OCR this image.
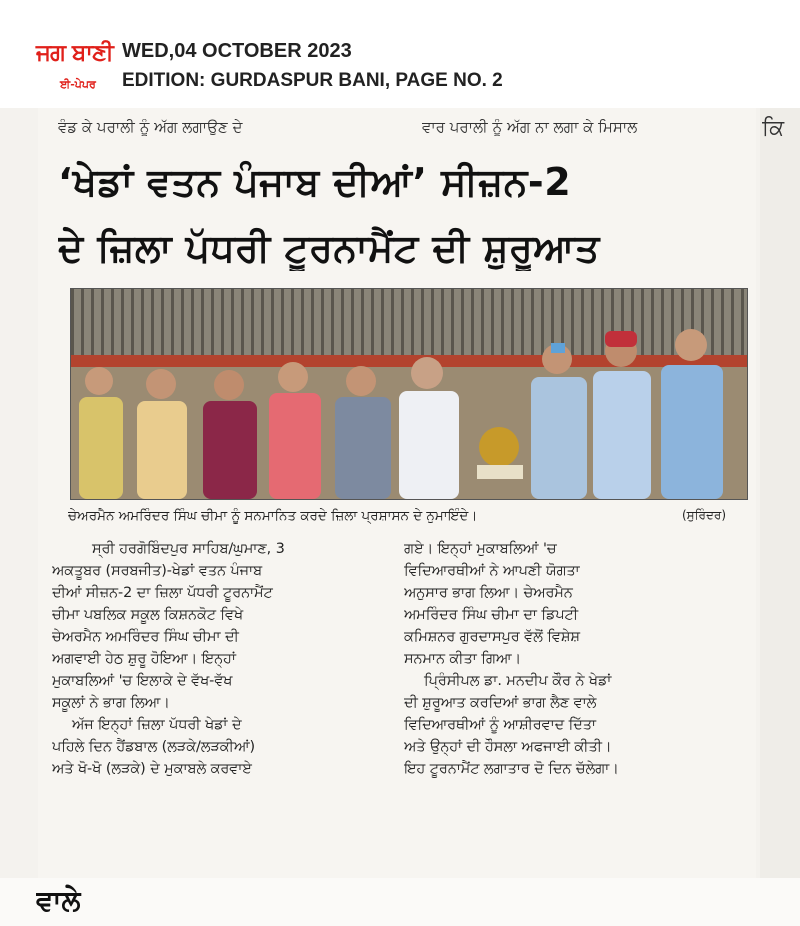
ਜਗ ਬਾਣੀ
ਈ-ਪੇਪਰ
WED,04 OCTOBER 2023
EDITION: GURDASPUR BANI, PAGE NO. 2
ਵੰਡ ਕੇ ਪਰਾਲੀ ਨੂੰ ਅੱਗ ਲਗਾਉਣ ਦੇ	ਵਾਰ ਪਰਾਲੀ ਨੂੰ ਅੱਗ ਨਾ ਲਗਾ ਕੇ ਮਿਸਾਲ
‘ਖੇਡਾਂ ਵਤਨ ਪੰਜਾਬ ਦੀਆਂ’ ਸੀਜ਼ਨ-2
ਦੇ ਜ਼ਿਲਾ ਪੱਧਰੀ ਟੂਰਨਾਮੈਂਟ ਦੀ ਸ਼ੁਰੂਆਤ
ਚੇਅਰਮੈਨ ਅਮਰਿੰਦਰ ਸਿੰਘ ਚੀਮਾ ਨੂੰ ਸਨਮਾਨਿਤ ਕਰਦੇ ਜ਼ਿਲਾ ਪ੍ਰਸ਼ਾਸਨ ਦੇ ਨੁਮਾਇੰਦੇ।	(ਸੁਰਿੰਦਰ)
ਸ੍ਰੀ ਹਰਗੋਬਿੰਦਪੁਰ ਸਾਹਿਬ/ਘੁਮਾਣ, 3
ਅਕਤੂਬਰ (ਸਰਬਜੀਤ)-ਖੇਡਾਂ ਵਤਨ ਪੰਜਾਬ
ਦੀਆਂ ਸੀਜ਼ਨ-2 ਦਾ ਜ਼ਿਲਾ ਪੱਧਰੀ ਟੂਰਨਾਮੈਂਟ
ਚੀਮਾ ਪਬਲਿਕ ਸਕੂਲ ਕਿਸ਼ਨਕੋਟ ਵਿਖੇ
ਚੇਅਰਮੈਨ ਅਮਰਿੰਦਰ ਸਿੰਘ ਚੀਮਾ ਦੀ
ਅਗਵਾਈ ਹੇਠ ਸ਼ੁਰੂ ਹੋਇਆ। ਇਨ੍ਹਾਂ
ਮੁਕਾਬਲਿਆਂ 'ਚ ਇਲਾਕੇ ਦੇ ਵੱਖ-ਵੱਖ
ਸਕੂਲਾਂ ਨੇ ਭਾਗ ਲਿਆ।
ਅੱਜ ਇਨ੍ਹਾਂ ਜ਼ਿਲਾ ਪੱਧਰੀ ਖੇਡਾਂ ਦੇ
ਪਹਿਲੇ ਦਿਨ ਹੈਂਡਬਾਲ (ਲੜਕੇ/ਲੜਕੀਆਂ)
ਅਤੇ ਖੋ-ਖੋ (ਲੜਕੇ) ਦੇ ਮੁਕਾਬਲੇ ਕਰਵਾਏ
ਗਏ। ਇਨ੍ਹਾਂ ਮੁਕਾਬਲਿਆਂ 'ਚ
ਵਿਦਿਆਰਥੀਆਂ ਨੇ ਆਪਣੀ ਯੋਗਤਾ
ਅਨੁਸਾਰ ਭਾਗ ਲਿਆ। ਚੇਅਰਮੈਨ
ਅਮਰਿੰਦਰ ਸਿੰਘ ਚੀਮਾ ਦਾ ਡਿਪਟੀ
ਕਮਿਸ਼ਨਰ ਗੁਰਦਾਸਪੁਰ ਵੱਲੋਂ ਵਿਸ਼ੇਸ਼
ਸਨਮਾਨ ਕੀਤਾ ਗਿਆ।
ਪ੍ਰਿੰਸੀਪਲ ਡਾ. ਮਨਦੀਪ ਕੌਰ ਨੇ ਖੇਡਾਂ
ਦੀ ਸ਼ੁਰੂਆਤ ਕਰਦਿਆਂ ਭਾਗ ਲੈਣ ਵਾਲੇ
ਵਿਦਿਆਰਥੀਆਂ ਨੂੰ ਆਸ਼ੀਰਵਾਦ ਦਿੱਤਾ
ਅਤੇ ਉਨ੍ਹਾਂ ਦੀ ਹੌਸਲਾ ਅਫਜਾਈ ਕੀਤੀ।
ਇਹ ਟੂਰਨਾਮੈਂਟ ਲਗਾਤਾਰ ਦੋ ਦਿਨ ਚੱਲੇਗਾ।
ਕਿ
ਵਾਲੇ
